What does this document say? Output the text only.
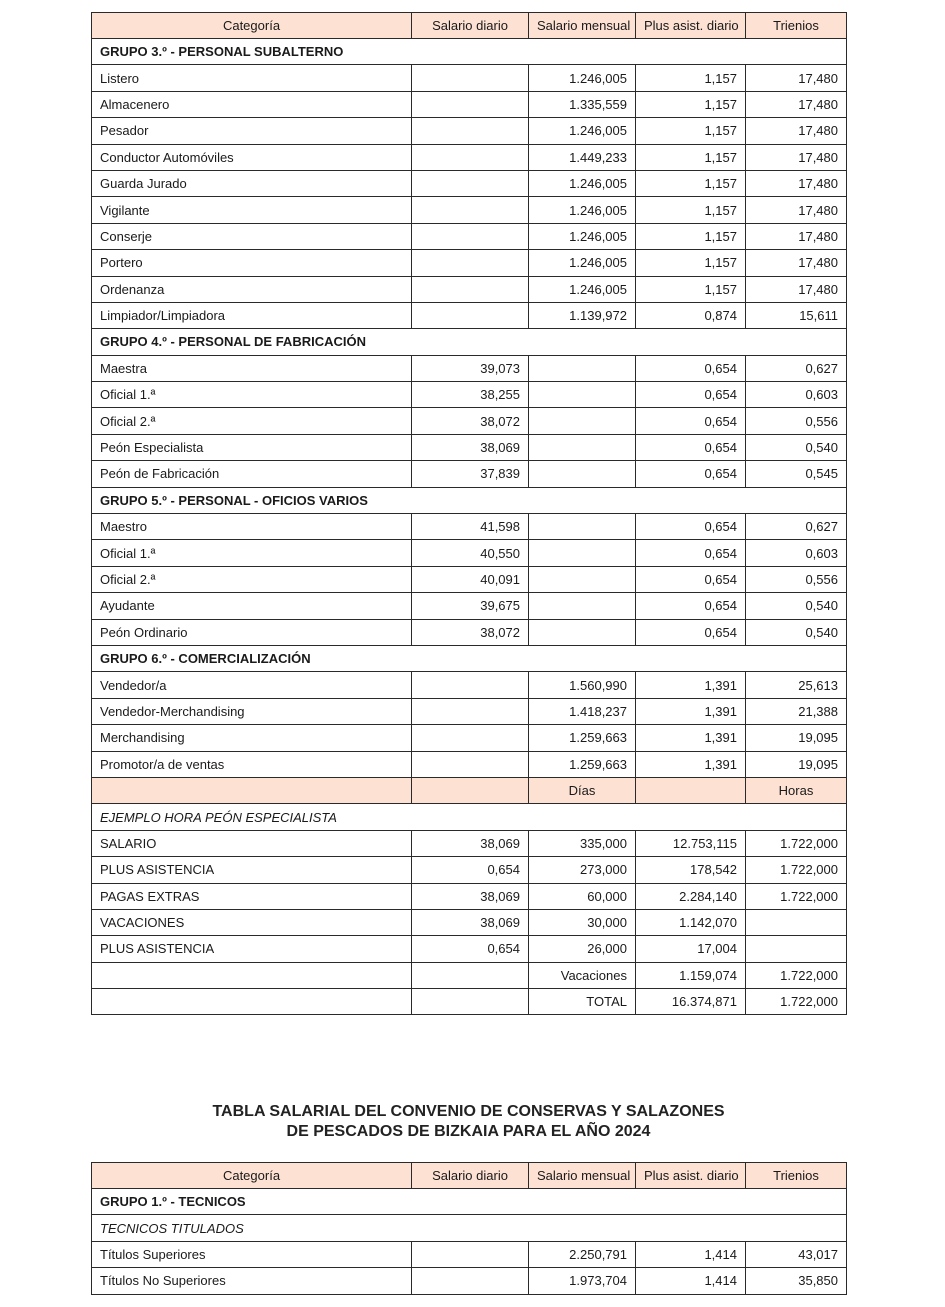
Categoría	Salario diario	Salario mensual	Plus asist. diario	Trienios
GRUPO 3.º - PERSONAL SUBALTERNO				
Listero		1.246,005	1,157	17,480
Almacenero		1.335,559	1,157	17,480
Pesador		1.246,005	1,157	17,480
Conductor Automóviles		1.449,233	1,157	17,480
Guarda Jurado		1.246,005	1,157	17,480
Vigilante		1.246,005	1,157	17,480
Conserje		1.246,005	1,157	17,480
Portero		1.246,005	1,157	17,480
Ordenanza		1.246,005	1,157	17,480
Limpiador/Limpiadora		1.139,972	0,874	15,611
GRUPO 4.º - PERSONAL DE FABRICACIÓN				
Maestra	39,073		0,654	0,627
Oficial 1.ª	38,255		0,654	0,603
Oficial 2.ª	38,072		0,654	0,556
Peón Especialista	38,069		0,654	0,540
Peón de Fabricación	37,839		0,654	0,545
GRUPO 5.º - PERSONAL - OFICIOS VARIOS				
Maestro	41,598		0,654	0,627
Oficial 1.ª	40,550		0,654	0,603
Oficial 2.ª	40,091		0,654	0,556
Ayudante	39,675		0,654	0,540
Peón Ordinario	38,072		0,654	0,540
GRUPO 6.º - COMERCIALIZACIÓN				
Vendedor/a		1.560,990	1,391	25,613
Vendedor-Merchandising		1.418,237	1,391	21,388
Merchandising		1.259,663	1,391	19,095
Promotor/a de ventas		1.259,663	1,391	19,095
		Días		Horas
EJEMPLO HORA PEÓN ESPECIALISTA				
SALARIO	38,069	335,000	12.753,115	1.722,000
PLUS ASISTENCIA	0,654	273,000	178,542	1.722,000
PAGAS EXTRAS	38,069	60,000	2.284,140	1.722,000
VACACIONES	38,069	30,000	1.142,070	
PLUS ASISTENCIA	0,654	26,000	17,004	
		Vacaciones	1.159,074	1.722,000
		TOTAL	16.374,871	1.722,000
TABLA SALARIAL DEL CONVENIO DE CONSERVAS Y SALAZONES
DE PESCADOS DE BIZKAIA PARA EL AÑO 2024
Categoría	Salario diario	Salario mensual	Plus asist. diario	Trienios
GRUPO 1.º - TECNICOS				
TECNICOS TITULADOS				
Títulos Superiores		2.250,791	1,414	43,017
Títulos No Superiores		1.973,704	1,414	35,850
